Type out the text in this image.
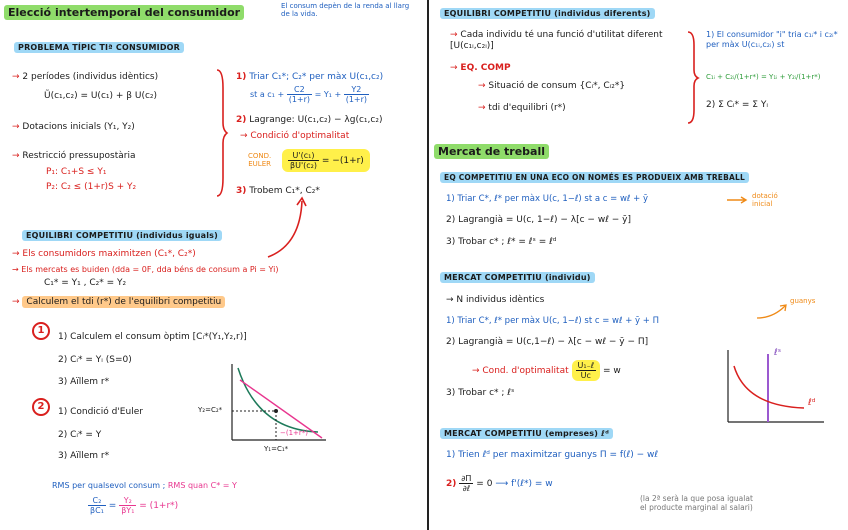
Elecció intertemporal del consumidor	El consum depèn de la renda al llarg de la vida.
PROBLEMA TÍPIC TIª CONSUMIDOR
→ 2 períodes (individus idèntics)
Ũ(c₁,c₂) = U(c₁) + β U(c₂)
→ Dotacions inicials (Y₁, Y₂)
→ Restricció pressupostària
P₁: C₁+S ≤ Y₁
P₂: C₂ ≤ (1+r)S + Y₂
1) Triar C₁*; C₂* per màx U(c₁,c₂)
st a $c_1 + \frac{C2}{(1+r)} = Y_1 + \frac{Y2}{(1+r)}$
2) Lagrange: U(c₁,c₂) − λg(c₁,c₂)
→ Condició d'optimalitat
COND.
EULER $\frac{\text{U'(c₁)}}{\text{βU'(c₂)}} = -(1+r)$
3) Trobem C₁*, C₂*
EQUILIBRI COMPETITIU (individus iguals)
→ Els consumidors maximitzen (C₁*, C₂*)
→ Els mercats es buiden (dda = 0F, dda béns de consum a Pi = Yi)
C₁* = Y₁ , C₂* = Y₂
→ Calculem el tdi (r*) de l'equilibri competitiu
1
1) Calculem el consum òptim [Cᵢ*(Y₁,Y₂,r)]
2) Cᵢ* = Yᵢ (S=0)
3) Aïllem r*
2	1) Condició d'Euler
2) Cᵢ* = Y
3) Aïllem r*
Y₂=C₂*
Y₁=C₁*
−(1+r*)
RMS per qualsevol consum ; RMS quan C* = Y
$\frac{\text{C₂}}{\text{βC₁}} = \frac{\text{Y₂}}{\text{βY₁}} = (1+r*)$
EQUILIBRI COMPETITIU (individus diferents)
→ Cada individu té una funció d'utilitat diferent [U(c₁ᵢ,c₂ᵢ)]
→ EQ. COMP
→ Situació de consum {Cᵢ*, Cᵢ₂*}
→ tdi d'equilibri (r*)
1) El consumidor "i" tria c₁ᵢ* i c₂ᵢ* per màx U(c₁ᵢ,c₂ᵢ) st
C₁ᵢ + C₂ᵢ/(1+r*) = Y₁ᵢ + Y₂ᵢ/(1+r*)
2) Σ Cᵢ* = Σ Yᵢ
Mercat de treball
EQ COMPETITIU EN UNA ECO ON NOMÉS ES PRODUEIX AMB TREBALL
1) Triar C*, ℓ* per màx U(c, 1−ℓ) st a c = wℓ + ȳ	dotació
inicial
2) Lagrangià = U(c, 1−ℓ) − λ[c − wℓ − ȳ]
3) Trobar c* ; ℓ* = ℓˢ = ℓᵈ
MERCAT COMPETITIU (individu)
→ N individus idèntics
1) Triar C*, ℓ* per màx U(c, 1−ℓ) st c = wℓ + ȳ + Π
guanys
2) Lagrangià = U(c,1−ℓ) − λ[c − wℓ − ȳ − Π]
→ Cond. d'optimalitat $\frac{\text{U₁₋ℓ}}{Uc} = w$
3) Trobar c* ; ℓˢ
ℓˢ
ℓᵈ
MERCAT COMPETITIU (empreses) ℓᵈ
1) Trien ℓᵈ per maximitzar guanys Π = f(ℓ) − wℓ
$2) \frac{\partial\Pi}{\text{∂ℓ}} = 0$ ⟶ f'(ℓ*) = w
(la 2ª serà la que posa igualat
el producte marginal al salari)
